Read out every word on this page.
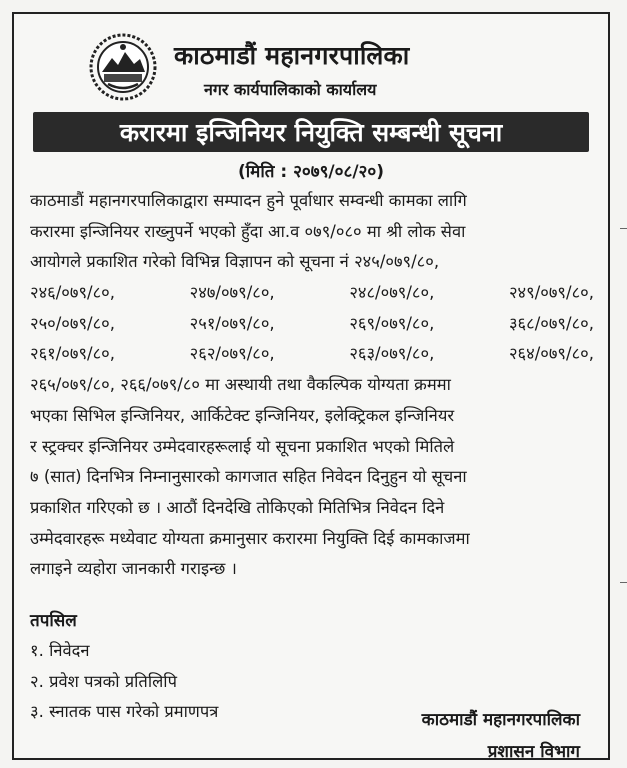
काठमाडौं महानगरपालिका
नगर कार्यपालिकाको कार्यालय
करारमा इन्जिनियर नियुक्ति सम्बन्धी सूचना
(मिति : २०७९/०८/२०)
काठमाडौं महानगरपालिकाद्वारा सम्पादन हुने पूर्वाधार सम्वन्धी कामका लागि
करारमा इन्जिनियर राख्नुपर्ने भएको हुँदा आ.व ०७९/०८० मा श्री लोक सेवा
आयोगले प्रकाशित गरेको विभिन्न विज्ञापन को सूचना नं २४५/०७९/८०,
२४६/०७९/८०,	२४७/०७९/८०,	२४८/०७९/८०,	२४९/०७९/८०,
२५०/०७९/८०,	२५१/०७९/८०,	२६९/०७९/८०,	३६८/०७९/८०,
२६१/०७९/८०,	२६२/०७९/८०,	२६३/०७९/८०,	२६४/०७९/८०,
२६५/०७९/८०, २६६/०७९/८० मा अस्थायी तथा वैकल्पिक योग्यता क्रममा
भएका सिभिल इन्जिनियर, आर्किटेक्ट इन्जिनियर, इलेक्ट्रिकल इन्जिनियर
र स्ट्रक्चर इन्जिनियर उम्मेदवारहरूलाई यो सूचना प्रकाशित भएको मितिले
७ (सात) दिनभित्र निम्नानुसारको कागजात सहित निवेदन दिनुहुन यो सूचना
प्रकाशित गरिएको छ । आठौं दिनदेखि तोकिएको मितिभित्र निवेदन दिने
उम्मेदवारहरू मध्येवाट योग्यता क्रमानुसार करारमा नियुक्ति दिई कामकाजमा
लगाइने व्यहोरा जानकारी गराइन्छ ।
तपसिल
१. निवेदन
२. प्रवेश पत्रको प्रतिलिपि
३. स्नातक पास गरेको प्रमाणपत्र	काठमाडौं महानगरपालिका
प्रशासन विभाग
